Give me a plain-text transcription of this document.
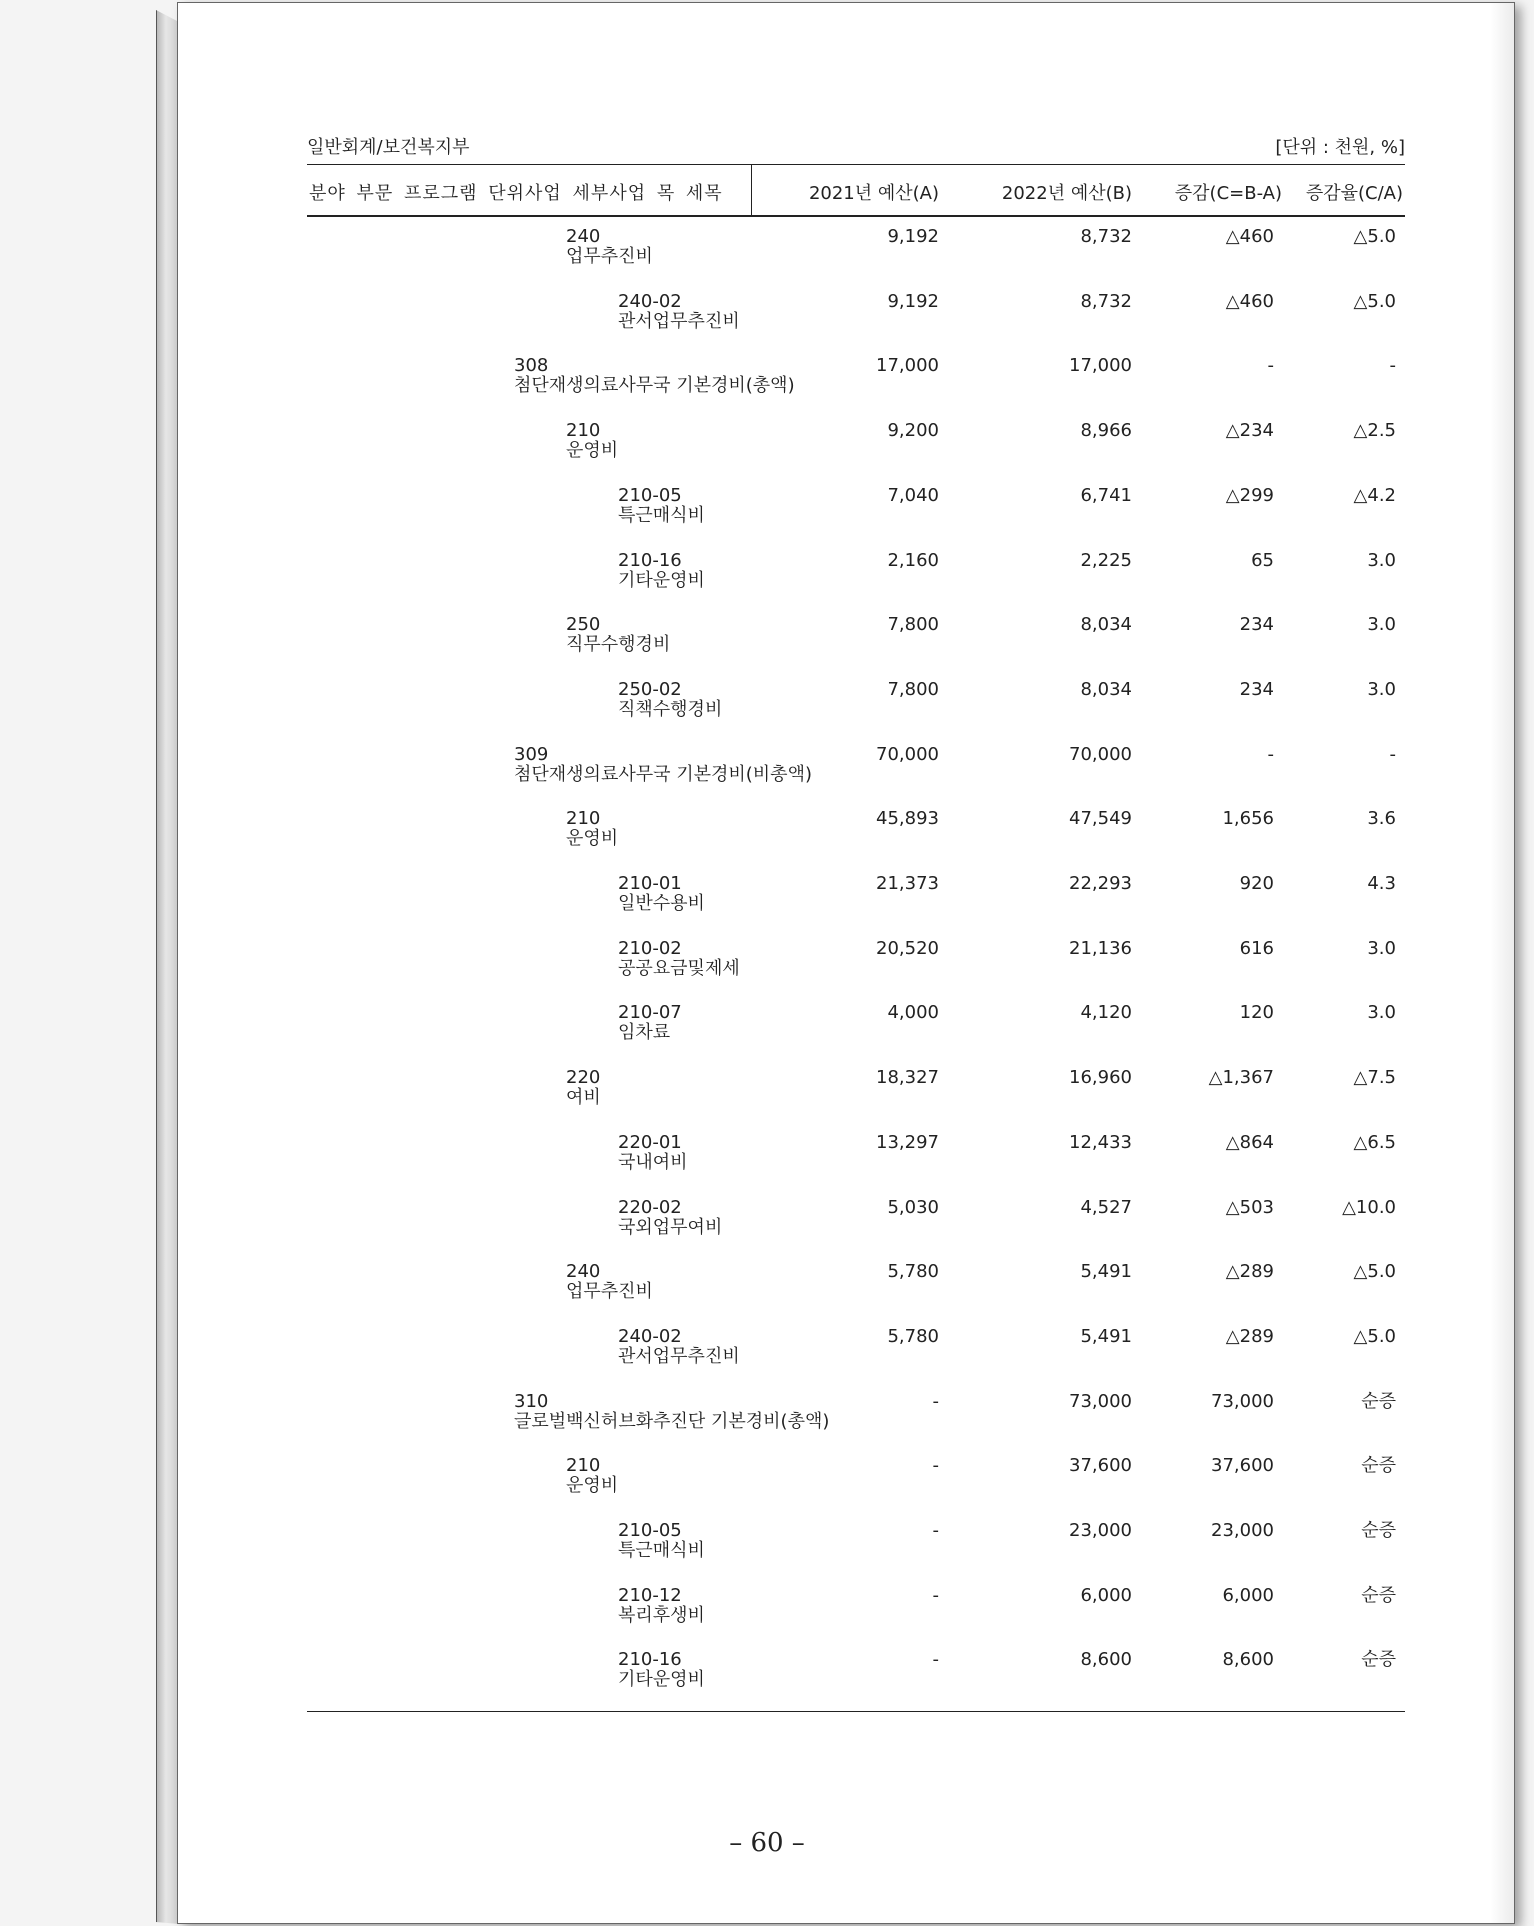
일반회계/보건복지부	[단위 : 천원, %]
분야 부문 프로그램 단위사업 세부사업 목 세목	2021년 예산(A)	2022년 예산(B) 증감(C=B-A) 증감율(C/A)
240
업무추진비
9,192	8,732	△460	△5.0
240-02
관서업무추진비
9,192	8,732	△460	△5.0
308
첨단재생의료사무국 기본경비(총액)
17,000	17,000	-	-
210
운영비
9,200	8,966	△234	△2.5
210-05
특근매식비
7,040	6,741	△299	△4.2
210-16
기타운영비
2,160	2,225	65	3.0
250
직무수행경비
7,800	8,034	234	3.0
250-02
직책수행경비
7,800	8,034	234	3.0
309
첨단재생의료사무국 기본경비(비총액)
70,000	70,000	-	-
210
운영비
45,893	47,549	1,656	3.6
210-01
일반수용비
21,373	22,293	920	4.3
210-02
공공요금및제세
20,520	21,136	616	3.0
210-07
임차료
4,000	4,120	120	3.0
220
여비
18,327	16,960	△1,367	△7.5
220-01
국내여비
13,297	12,433	△864	△6.5
220-02
국외업무여비
5,030	4,527	△503	△10.0
240
업무추진비
5,780	5,491	△289	△5.0
240-02
관서업무추진비
5,780	5,491	△289	△5.0
310
글로벌백신허브화추진단 기본경비(총액)
-	73,000	73,000	순증
210
운영비
-	37,600	37,600	순증
210-05
특근매식비
-	23,000	23,000	순증
210-12
복리후생비
-	6,000	6,000	순증
210-16
기타운영비
-	8,600	8,600	순증
– 60 –
